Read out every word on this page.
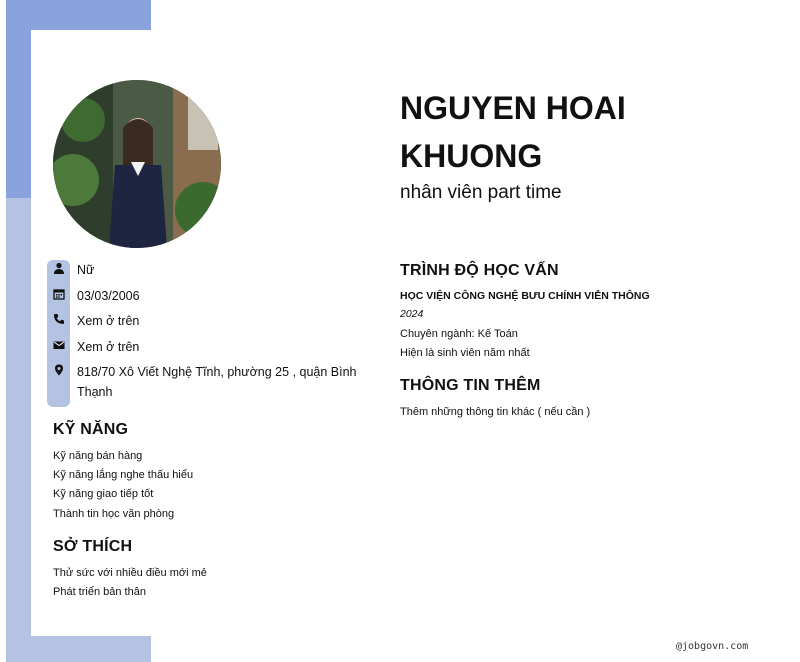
Nữ
03/03/2006
Xem ở trên
Xem ở trên
818/70 Xô Viết Nghệ Tĩnh, phường 25 , quận Bình Thạnh
KỸ NĂNG
Kỹ năng bán hàng
Kỹ năng lắng nghe thấu hiểu
Kỹ năng giao tiếp tốt
Thành tin học văn phòng
SỞ THÍCH
Thử sức với nhiều điều mới mẻ
Phát triển bản thân
NGUYEN HOAI KHUONG
nhân viên part time
TRÌNH ĐỘ HỌC VẤN
HỌC VIỆN CÔNG NGHỆ BƯU CHÍNH VIỄN THÔNG
2024
Chuyên ngành: Kế Toán
Hiện là sinh viên năm nhất
THÔNG TIN THÊM
Thêm những thông tin khác ( nếu cần )
@jobgovn.com
